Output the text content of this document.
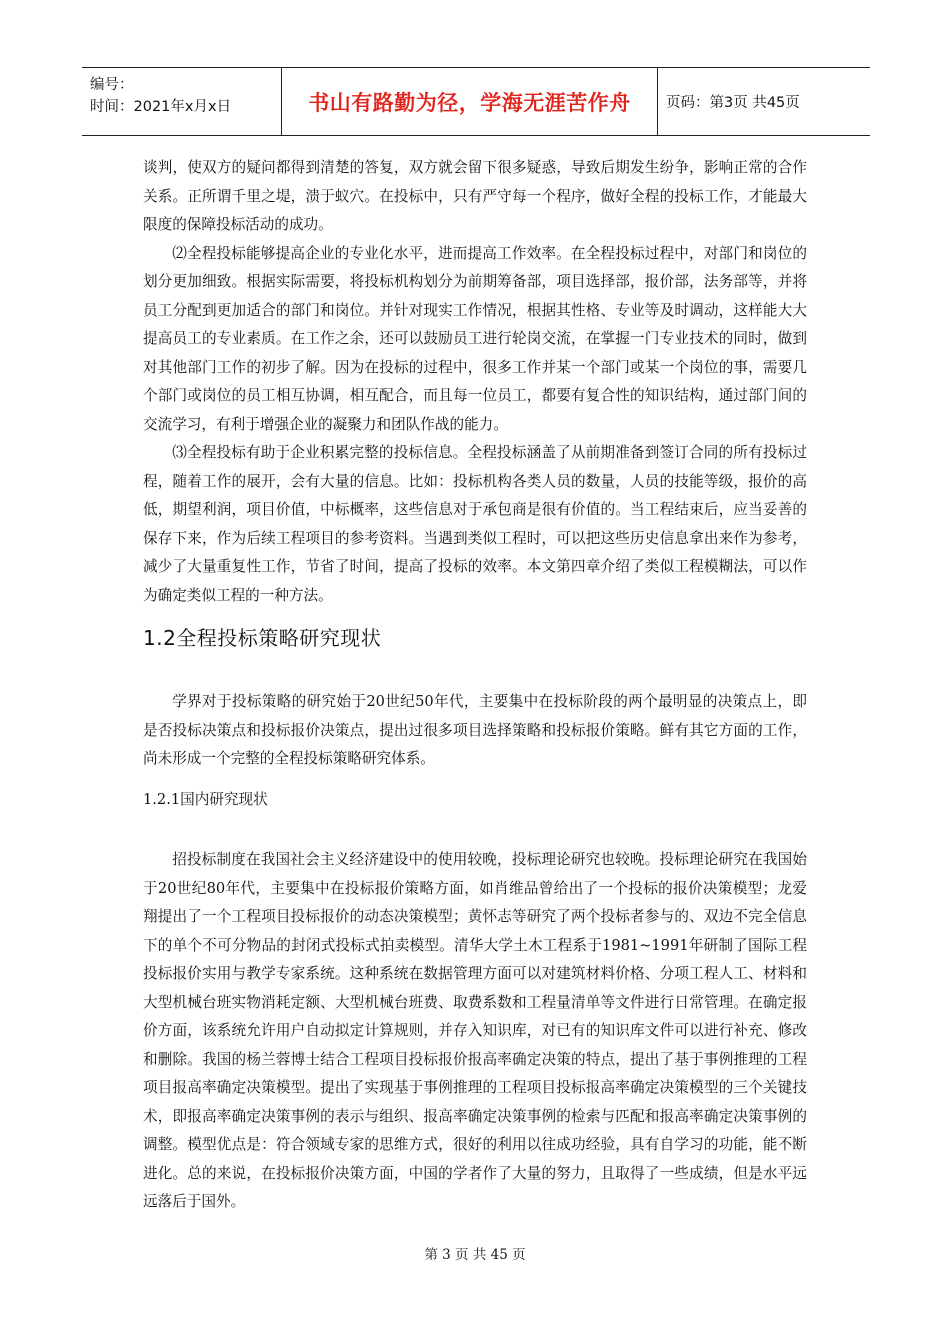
编号：
时间：2021年x月x日	书山有路勤为径，学海无涯苦作舟	页码：第3页 共45页

谈判，使双方的疑问都得到清楚的答复，双方就会留下很多疑惑，导致后期发生纷争，影响正常的合作关系。正所谓千里之堤，溃于蚁穴。在投标中，只有严守每一个程序，做好全程的投标工作，才能最大限度的保障投标活动的成功。

⑵全程投标能够提高企业的专业化水平，进而提高工作效率。在全程投标过程中，对部门和岗位的划分更加细致。根据实际需要，将投标机构划分为前期筹备部，项目选择部，报价部，法务部等，并将员工分配到更加适合的部门和岗位。并针对现实工作情况，根据其性格、专业等及时调动，这样能大大提高员工的专业素质。在工作之余，还可以鼓励员工进行轮岗交流，在掌握一门专业技术的同时，做到对其他部门工作的初步了解。因为在投标的过程中，很多工作并某一个部门或某一个岗位的事，需要几个部门或岗位的员工相互协调，相互配合，而且每一位员工，都要有复合性的知识结构，通过部门间的交流学习，有利于增强企业的凝聚力和团队作战的能力。

⑶全程投标有助于企业积累完整的投标信息。全程投标涵盖了从前期准备到签订合同的所有投标过程，随着工作的展开，会有大量的信息。比如：投标机构各类人员的数量，人员的技能等级，报价的高低，期望利润，项目价值，中标概率，这些信息对于承包商是很有价值的。当工程结束后，应当妥善的保存下来，作为后续工程项目的参考资料。当遇到类似工程时，可以把这些历史信息拿出来作为参考，减少了大量重复性工作，节省了时间，提高了投标的效率。本文第四章介绍了类似工程模糊法，可以作为确定类似工程的一种方法。

1.2全程投标策略研究现状

学界对于投标策略的研究始于20世纪50年代，主要集中在投标阶段的两个最明显的决策点上，即是否投标决策点和投标报价决策点，提出过很多项目选择策略和投标报价策略。鲜有其它方面的工作，尚未形成一个完整的全程投标策略研究体系。

1.2.1国内研究现状

招投标制度在我国社会主义经济建设中的使用较晚，投标理论研究也较晚。投标理论研究在我国始于20世纪80年代，主要集中在投标报价策略方面，如肖维品曾给出了一个投标的报价决策模型；龙爱翔提出了一个工程项目投标报价的动态决策模型；黄怀志等研究了两个投标者参与的、双边不完全信息下的单个不可分物品的封闭式投标式拍卖模型。清华大学土木工程系于1981~1991年研制了国际工程投标报价实用与教学专家系统。这种系统在数据管理方面可以对建筑材料价格、分项工程人工、材料和大型机械台班实物消耗定额、大型机械台班费、取费系数和工程量清单等文件进行日常管理。在确定报价方面，该系统允许用户自动拟定计算规则，并存入知识库，对已有的知识库文件可以进行补充、修改和删除。我国的杨兰蓉博士结合工程项目投标报价报高率确定决策的特点，提出了基于事例推理的工程项目报高率确定决策模型。提出了实现基于事例推理的工程项目投标报高率确定决策模型的三个关键技术，即报高率确定决策事例的表示与组织、报高率确定决策事例的检索与匹配和报高率确定决策事例的调整。模型优点是：符合领域专家的思维方式，很好的利用以往成功经验，具有自学习的功能，能不断进化。总的来说，在投标报价决策方面，中国的学者作了大量的努力，且取得了一些成绩，但是水平远远落后于国外。

第 3 页 共 45 页
